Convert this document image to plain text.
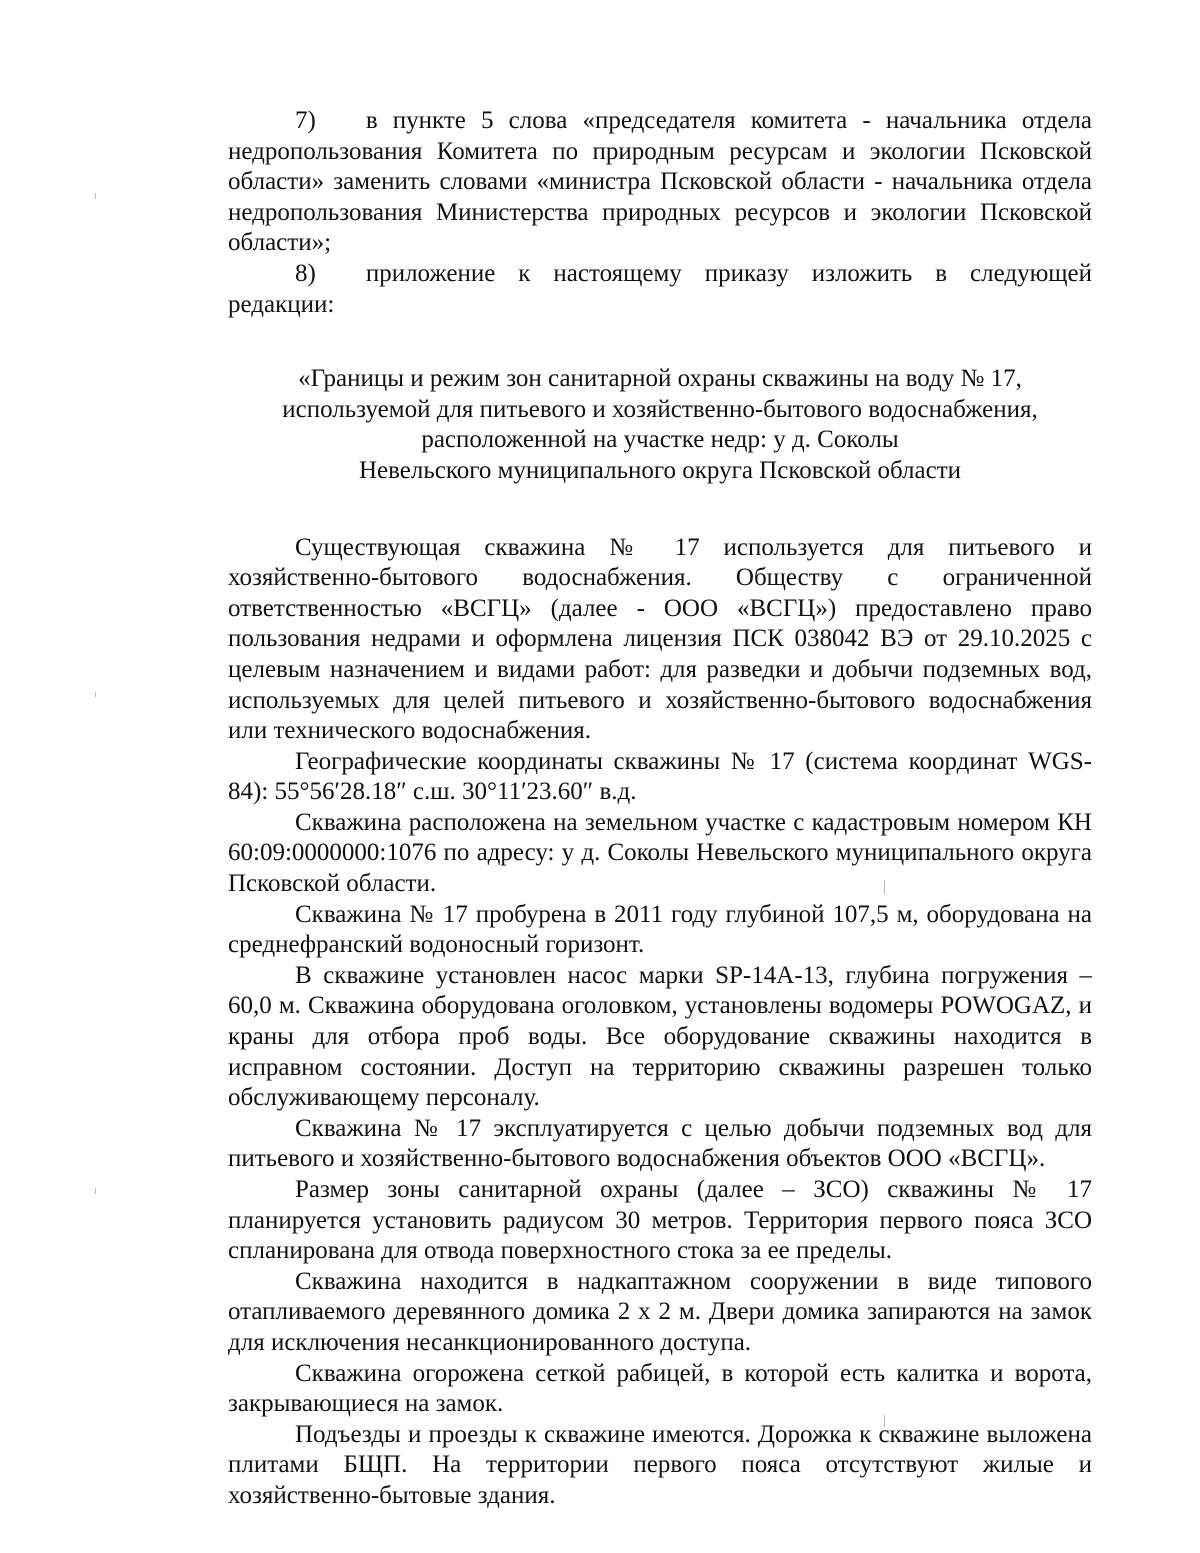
7)  в пункте 5 слова «председателя комитета - начальника отдела недропользования Комитета по природным ресурсам и экологии Псковской области» заменить словами «министра Псковской области - начальника отдела недропользования Министерства природных ресурсов и экологии Псковской области»;

8)  приложение к настоящему приказу изложить в следующей редакции:

«Границы и режим зон санитарной охраны скважины на воду № 17,
используемой для питьевого и хозяйственно-бытового водоснабжения,
расположенной на участке недр: у д. Соколы
Невельского муниципального округа Псковской области

Существующая скважина № 17 используется для питьевого и хозяйственно-бытового водоснабжения. Обществу с ограниченной ответственностью «ВСГЦ» (далее - ООО «ВСГЦ») предоставлено право пользования недрами и оформлена лицензия ПСК 038042 ВЭ от 29.10.2025 с целевым назначением и видами работ: для разведки и добычи подземных вод, используемых для целей питьевого и хозяйственно-бытового водоснабжения или технического водоснабжения.

Географические координаты скважины № 17 (система координат WGS-84): 55°56′28.18″ с.ш. 30°11′23.60″ в.д.

Скважина расположена на земельном участке с кадастровым номером КН 60:09:0000000:1076 по адресу: у д. Соколы Невельского муниципального округа Псковской области.

Скважина № 17 пробурена в 2011 году глубиной 107,5 м, оборудована на среднефранский водоносный горизонт.

В скважине установлен насос марки SP-14A-13, глубина погружения – 60,0 м. Скважина оборудована оголовком, установлены водомеры POWOGAZ, и краны для отбора проб воды. Все оборудование скважины находится в исправном состоянии. Доступ на территорию скважины разрешен только обслуживающему персоналу.

Скважина № 17 эксплуатируется с целью добычи подземных вод для питьевого и хозяйственно-бытового водоснабжения объектов ООО «ВСГЦ».

Размер зоны санитарной охраны (далее – ЗСО) скважины № 17 планируется установить радиусом 30 метров. Территория первого пояса ЗСО спланирована для отвода поверхностного стока за ее пределы.

Скважина находится в надкаптажном сооружении в виде типового отапливаемого деревянного домика 2 х 2 м. Двери домика запираются на замок для исключения несанкционированного доступа.

Скважина огорожена сеткой рабицей, в которой есть калитка и ворота, закрывающиеся на замок.

Подъезды и проезды к скважине имеются. Дорожка к скважине выложена плитами БЩП. На территории первого пояса отсутствуют жилые и хозяйственно-бытовые здания.
